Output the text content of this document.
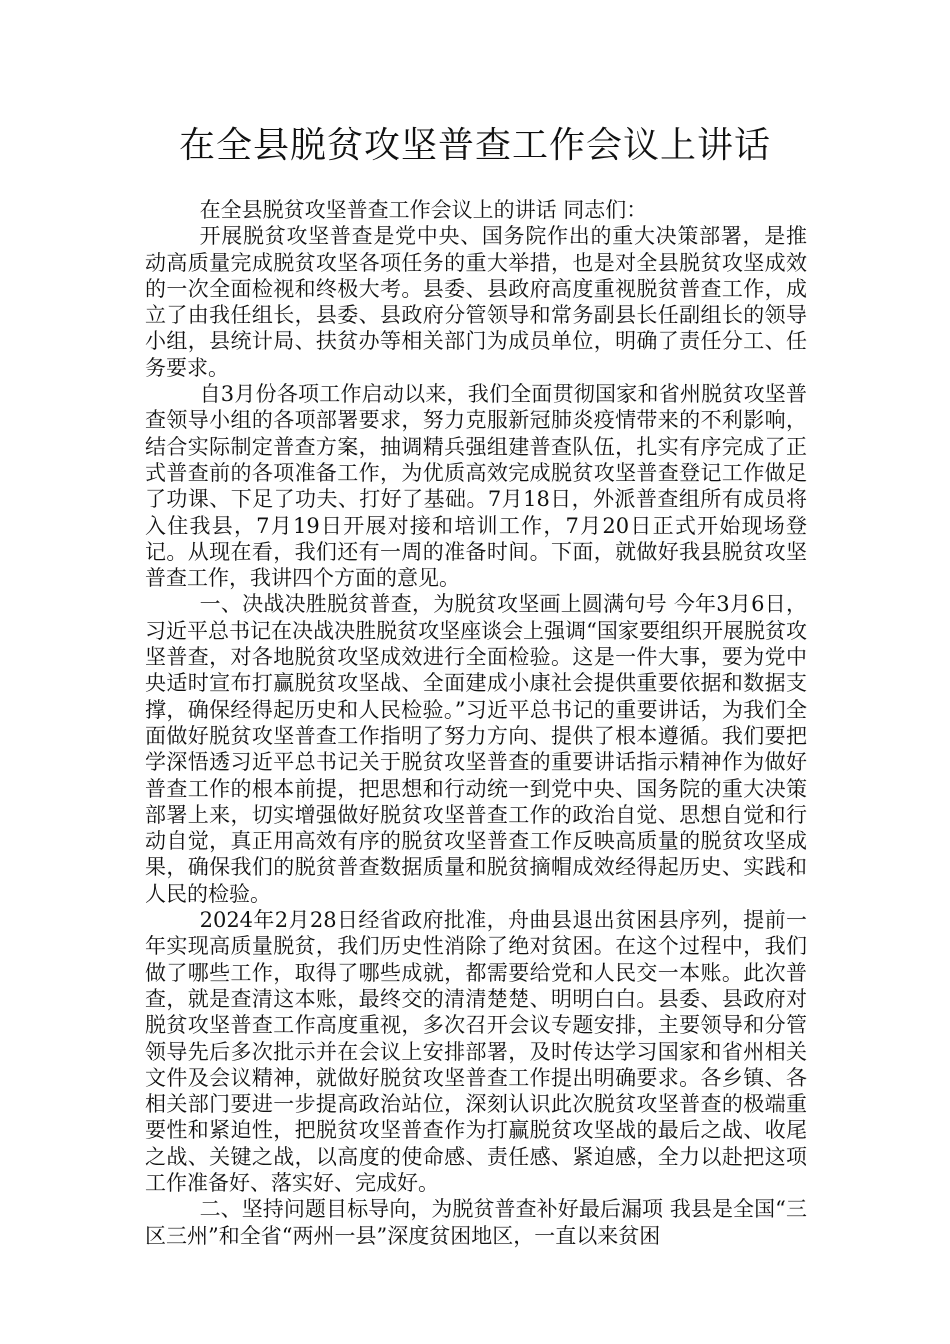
在全县脱贫攻坚普查工作会议上讲话

在全县脱贫攻坚普查工作会议上的讲话 同志们：

开展脱贫攻坚普查是党中央、国务院作出的重大决策部署，是推动高质量完成脱贫攻坚各项任务的重大举措，也是对全县脱贫攻坚成效的一次全面检视和终极大考。县委、县政府高度重视脱贫普查工作，成立了由我任组长，县委、县政府分管领导和常务副县长任副组长的领导小组，县统计局、扶贫办等相关部门为成员单位，明确了责任分工、任务要求。

自3月份各项工作启动以来，我们全面贯彻国家和省州脱贫攻坚普查领导小组的各项部署要求，努力克服新冠肺炎疫情带来的不利影响，结合实际制定普查方案，抽调精兵强组建普查队伍，扎实有序完成了正式普查前的各项准备工作，为优质高效完成脱贫攻坚普查登记工作做足了功课、下足了功夫、打好了基础。7月18日，外派普查组所有成员将入住我县，7月19日开展对接和培训工作，7月20日正式开始现场登记。从现在看，我们还有一周的准备时间。下面，就做好我县脱贫攻坚普查工作，我讲四个方面的意见。

一、决战决胜脱贫普查，为脱贫攻坚画上圆满句号 今年3月6日，习近平总书记在决战决胜脱贫攻坚座谈会上强调“国家要组织开展脱贫攻坚普查，对各地脱贫攻坚成效进行全面检验。这是一件大事，要为党中央适时宣布打赢脱贫攻坚战、全面建成小康社会提供重要依据和数据支撑，确保经得起历史和人民检验。”习近平总书记的重要讲话，为我们全面做好脱贫攻坚普查工作指明了努力方向、提供了根本遵循。我们要把学深悟透习近平总书记关于脱贫攻坚普查的重要讲话指示精神作为做好普查工作的根本前提，把思想和行动统一到党中央、国务院的重大决策部署上来，切实增强做好脱贫攻坚普查工作的政治自觉、思想自觉和行动自觉，真正用高效有序的脱贫攻坚普查工作反映高质量的脱贫攻坚成果，确保我们的脱贫普查数据质量和脱贫摘帽成效经得起历史、实践和人民的检验。

2024年2月28日经省政府批准，舟曲县退出贫困县序列，提前一年实现高质量脱贫，我们历史性消除了绝对贫困。在这个过程中，我们做了哪些工作，取得了哪些成就，都需要给党和人民交一本账。此次普查，就是查清这本账，最终交的清清楚楚、明明白白。县委、县政府对脱贫攻坚普查工作高度重视，多次召开会议专题安排，主要领导和分管领导先后多次批示并在会议上安排部署，及时传达学习国家和省州相关文件及会议精神，就做好脱贫攻坚普查工作提出明确要求。各乡镇、各相关部门要进一步提高政治站位，深刻认识此次脱贫攻坚普查的极端重要性和紧迫性，把脱贫攻坚普查作为打赢脱贫攻坚战的最后之战、收尾之战、关键之战，以高度的使命感、责任感、紧迫感，全力以赴把这项工作准备好、落实好、完成好。

二、坚持问题目标导向，为脱贫普查补好最后漏项 我县是全国“三区三州”和全省“两州一县”深度贫困地区，一直以来贫困
